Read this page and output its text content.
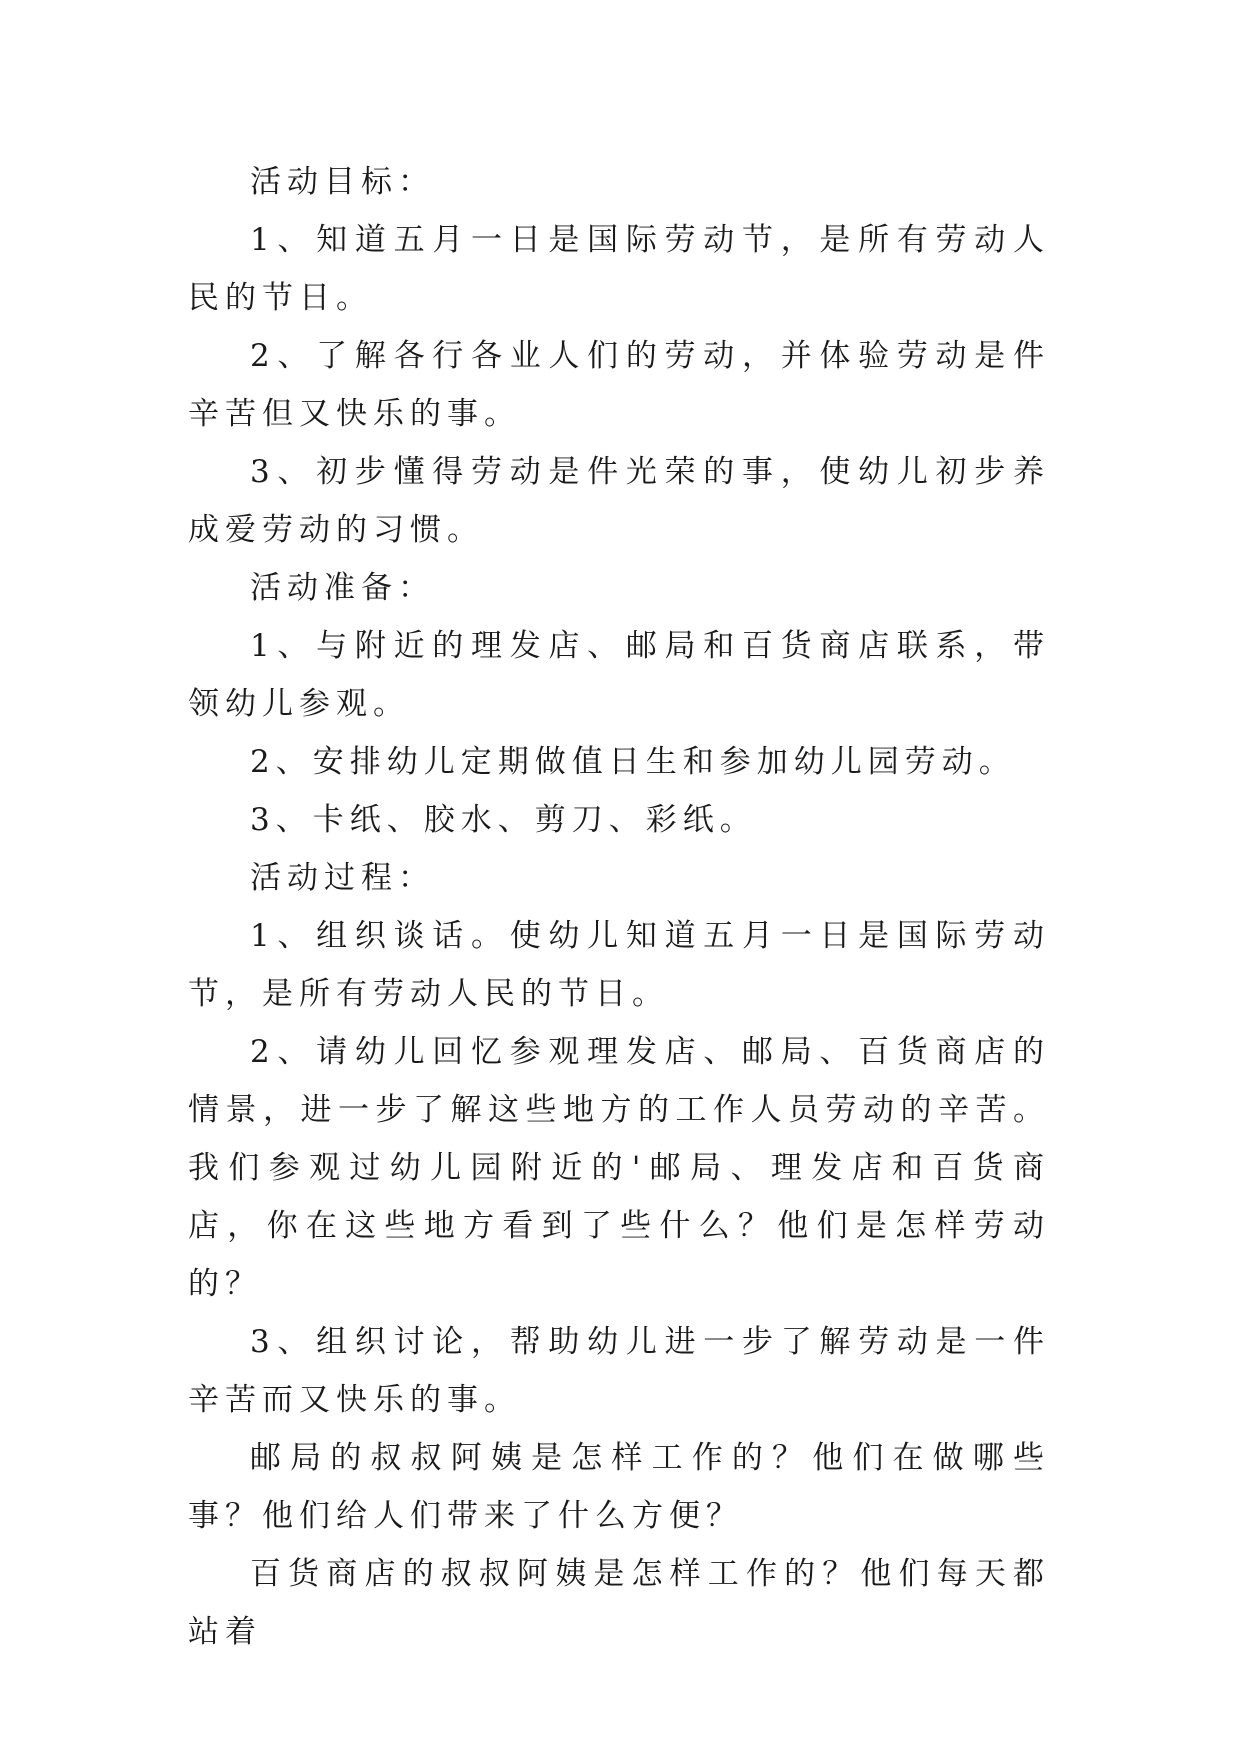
活动目标：

1、知道五月一日是国际劳动节，是所有劳动人民的节日。

2、了解各行各业人们的劳动，并体验劳动是件辛苦但又快乐的事。

3、初步懂得劳动是件光荣的事，使幼儿初步养成爱劳动的习惯。

活动准备：

1、与附近的理发店、邮局和百货商店联系，带领幼儿参观。

2、安排幼儿定期做值日生和参加幼儿园劳动。

3、卡纸、胶水、剪刀、彩纸。

活动过程：

1、组织谈话。使幼儿知道五月一日是国际劳动节，是所有劳动人民的节日。

2、请幼儿回忆参观理发店、邮局、百货商店的情景，进一步了解这些地方的工作人员劳动的辛苦。我们参观过幼儿园附近的'邮局、理发店和百货商店，你在这些地方看到了些什么？他们是怎样劳动的？

3、组织讨论，帮助幼儿进一步了解劳动是一件辛苦而又快乐的事。

邮局的叔叔阿姨是怎样工作的？他们在做哪些事？他们给人们带来了什么方便？

百货商店的叔叔阿姨是怎样工作的？他们每天都站着
